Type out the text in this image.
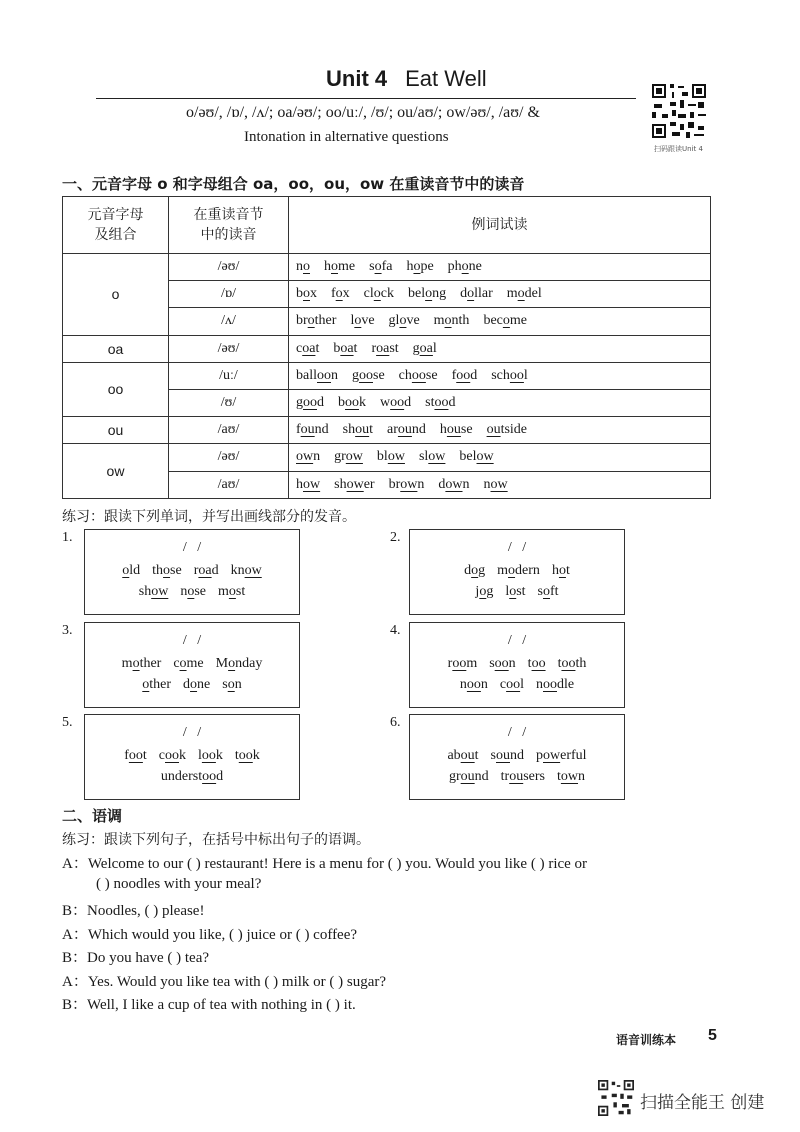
Unit 4 Eat Well
o/əʊ/, /ɒ/, /ʌ/; oa/əʊ/; oo/uː/, /ʊ/; ou/aʊ/; ow/əʊ/, /aʊ/ &
Intonation in alternative questions
扫码跟读Unit 4
一、元音字母 o 和字母组合 oa，oo，ou，ow 在重读音节中的读音
元音字母
及组合	在重读音节
中的读音	例词试读
o	/əʊ/	no home sofa hope phone
	/ɒ/	box fox clock belong dollar model
	/ʌ/	brother love glove month become
oa	/əʊ/	coat boat roast goal
oo	/uː/	balloon goose choose food school
	/ʊ/	good book wood stood
ou	/aʊ/	found shout around house outside
ow	/əʊ/	own grow blow slow below
	/aʊ/	how shower brown down now
练习：跟读下列单词，并写出画线部分的发音。
1.
/   /
old those road know
show nose most
2.
/   /
dog modern hot
jog lost soft
3.
/   /
mother come Monday
other done son
4.
/   /
room soon too tooth
noon cool noodle
5.
/   /
foot cook look took
understood
6.
/   /
about sound powerful
ground trousers town
二、语调
练习：跟读下列句子，在括号中标出句子的语调。
A：Welcome to our ( ) restaurant! Here is a menu for ( ) you. Would you like ( ) rice or
( ) noodles with your meal?
B：Noodles, ( ) please!
A：Which would you like, ( ) juice or ( ) coffee?
B：Do you have ( ) tea?
A：Yes. Would you like tea with ( ) milk or ( ) sugar?
B：Well, I like a cup of tea with nothing in ( ) it.
语音训练本 5
扫描全能王 创建
